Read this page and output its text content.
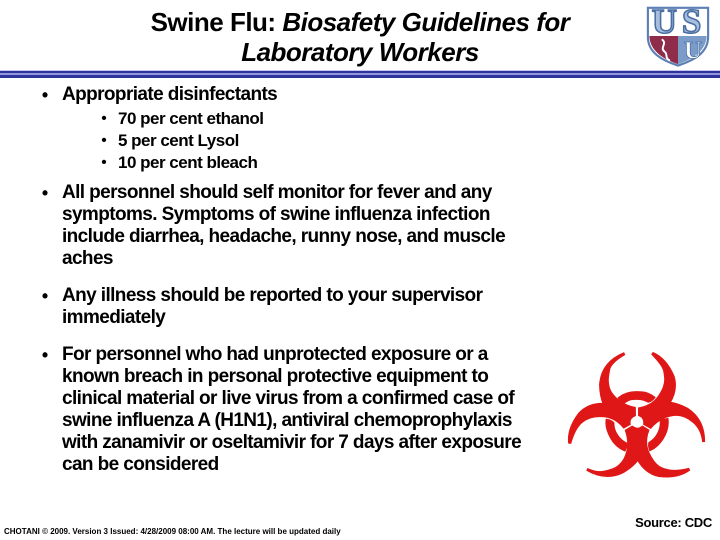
Swine Flu: Biosafety Guidelines for
Laboratory Workers
U S
U
• Appropriate disinfectants
• 70 per cent ethanol
• 5 per cent Lysol
• 10 per cent bleach
• All personnel should self monitor for fever and any symptoms. Symptoms of swine influenza infection include diarrhea, headache, runny nose, and muscle aches
• Any illness should be reported to your supervisor immediately
• For personnel who had unprotected exposure or a known breach in personal protective equipment to clinical material or live virus from a confirmed case of swine influenza A (H1N1), antiviral chemoprophylaxis with zanamivir or oseltamivir for 7 days after exposure can be considered	☣
CHOTANI © 2009. Version 3 Issued: 4/28/2009 08:00 AM. The lecture will be updated daily
Source: CDC
